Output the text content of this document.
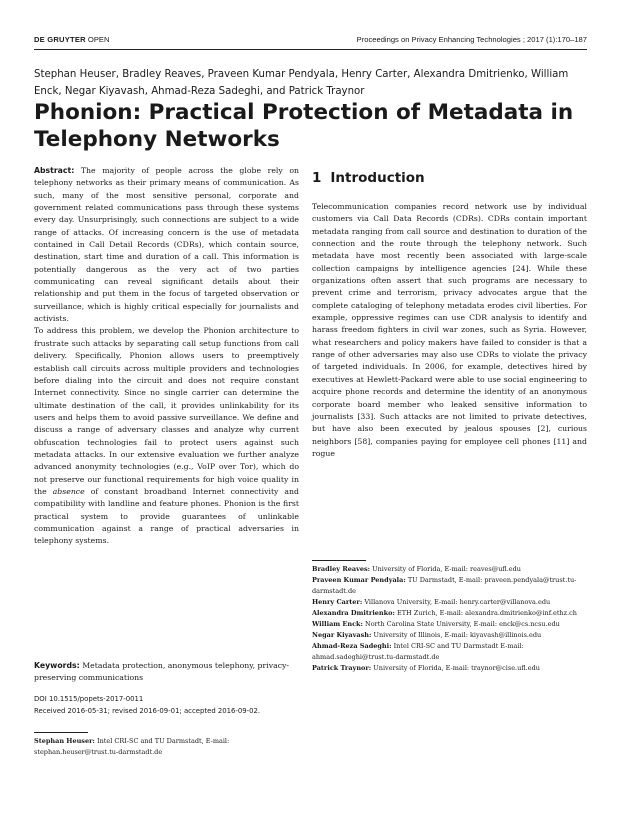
DE GRUYTER OPEN	Proceedings on Privacy Enhancing Technologies ; 2017 (1):170–187
Stephan Heuser, Bradley Reaves, Praveen Kumar Pendyala, Henry Carter, Alexandra Dmitrienko, William Enck, Negar Kiyavash, Ahmad-Reza Sadeghi, and Patrick Traynor
Phonion: Practical Protection of Metadata in Telephony Networks

Abstract: The majority of people across the globe rely on telephony networks as their primary means of communication. As such, many of the most sensitive personal, corporate and government related communications pass through these systems every day. Unsurprisingly, such connections are subject to a wide range of attacks. Of increasing concern is the use of metadata contained in Call Detail Records (CDRs), which contain source, destination, start time and duration of a call. This information is potentially dangerous as the very act of two parties communicating can reveal significant details about their relationship and put them in the focus of targeted observation or surveillance, which is highly critical especially for journalists and activists.

To address this problem, we develop the Phonion architecture to frustrate such attacks by separating call setup functions from call delivery. Specifically, Phonion allows users to preemptively establish call circuits across multiple providers and technologies before dialing into the circuit and does not require constant Internet connectivity. Since no single carrier can determine the ultimate destination of the call, it provides unlinkability for its users and helps them to avoid passive surveillance. We define and discuss a range of adversary classes and analyze why current obfuscation technologies fail to protect users against such metadata attacks. In our extensive evaluation we further analyze advanced anonymity technologies (e.g., VoIP over Tor), which do not preserve our functional requirements for high voice quality in the absence of constant broadband Internet connectivity and compatibility with landline and feature phones. Phonion is the first practical system to provide guarantees of unlinkable communication against a range of practical adversaries in telephony systems.

Keywords: Metadata protection, anonymous telephony, privacy-preserving communications
DOI 10.1515/popets-2017-0011
Received 2016-05-31; revised 2016-09-01; accepted 2016-09-02.
Stephan Heuser: Intel CRI-SC and TU Darmstadt, E-mail: stephan.heuser@trust.tu-darmstadt.de
1 Introduction

Telecommunication companies record network use by individual customers via Call Data Records (CDRs). CDRs contain important metadata ranging from call source and destination to duration of the connection and the route through the telephony network. Such metadata have most recently been associated with large-scale collection campaigns by intelligence agencies [24]. While these organizations often assert that such programs are necessary to prevent crime and terrorism, privacy advocates argue that the complete cataloging of telephony metadata erodes civil liberties. For example, oppressive regimes can use CDR analysis to identify and harass freedom fighters in civil war zones, such as Syria. However, what researchers and policy makers have failed to consider is that a range of other adversaries may also use CDRs to violate the privacy of targeted individuals. In 2006, for example, detectives hired by executives at Hewlett-Packard were able to use social engineering to acquire phone records and determine the identity of an anonymous corporate board member who leaked sensitive information to journalists [33]. Such attacks are not limited to private detectives, but have also been executed by jealous spouses [2], curious neighbors [58], companies paying for employee cell phones [11] and rogue

Bradley Reaves: University of Florida, E-mail: reaves@ufl.edu
Praveen Kumar Pendyala: TU Darmstadt, E-mail: praveen.pendyala@trust.tu-darmstadt.de
Henry Carter: Villanova University, E-mail: henry.carter@villanova.edu
Alexandra Dmitrienko: ETH Zurich, E-mail: alexandra.dmitrienko@inf.ethz.ch
William Enck: North Carolina State University, E-mail: enck@cs.ncsu.edu
Negar Kiyavash: University of Illinois, E-mail: kiyavash@illinois.edu
Ahmad-Reza Sadeghi: Intel CRI-SC and TU Darmstadt E-mail: ahmad.sadeghi@trust.tu-darmstadt.de
Patrick Traynor: University of Florida, E-mail: traynor@cise.ufl.edu
